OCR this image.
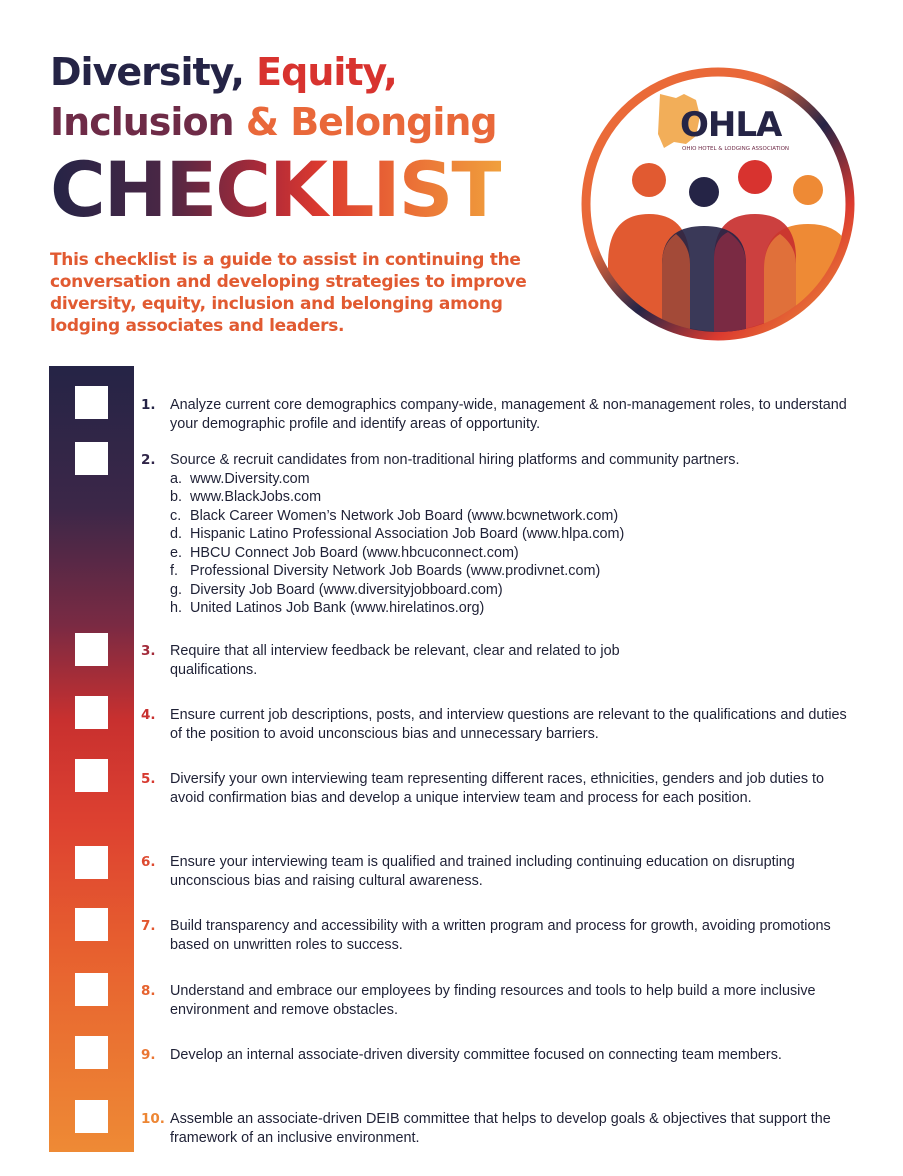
Diversity, Equity,
Inclusion & Belonging
CHECKLIST

This checklist is a guide to assist in continuing the conversation and developing strategies to improve diversity, equity, inclusion and belonging among lodging associates and leaders.

OHLA
OHIO HOTEL & LODGING ASSOCIATION
1. Analyze current core demographics company-wide, management & non-management roles, to understand your demographic profile and identify areas of opportunity.
2. Source & recruit candidates from non-traditional hiring platforms and community partners.
a. www.Diversity.com
b. www.BlackJobs.com
c. Black Career Women’s Network Job Board (www.bcwnetwork.com)
d. Hispanic Latino Professional Association Job Board (www.hlpa.com)
e. HBCU Connect Job Board (www.hbcuconnect.com)
f. Professional Diversity Network Job Boards (www.prodivnet.com)
g. Diversity Job Board (www.diversityjobboard.com)
h. United Latinos Job Bank (www.hirelatinos.org)
3. Require that all interview feedback be relevant, clear and related to job qualifications.
4. Ensure current job descriptions, posts, and interview questions are relevant to the qualifications and duties of the position to avoid unconscious bias and unnecessary barriers.
5. Diversify your own interviewing team representing different races, ethnicities, genders and job duties to avoid confirmation bias and develop a unique interview team and process for each position.
6. Ensure your interviewing team is qualified and trained including continuing education on disrupting unconscious bias and raising cultural awareness.
7. Build transparency and accessibility with a written program and process for growth, avoiding promotions based on unwritten roles to success.
8. Understand and embrace our employees by finding resources and tools to help build a more inclusive environment and remove obstacles.
9. Develop an internal associate-driven diversity committee focused on connecting team members.
10. Assemble an associate-driven DEIB committee that helps to develop goals & objectives that support the framework of an inclusive environment.
